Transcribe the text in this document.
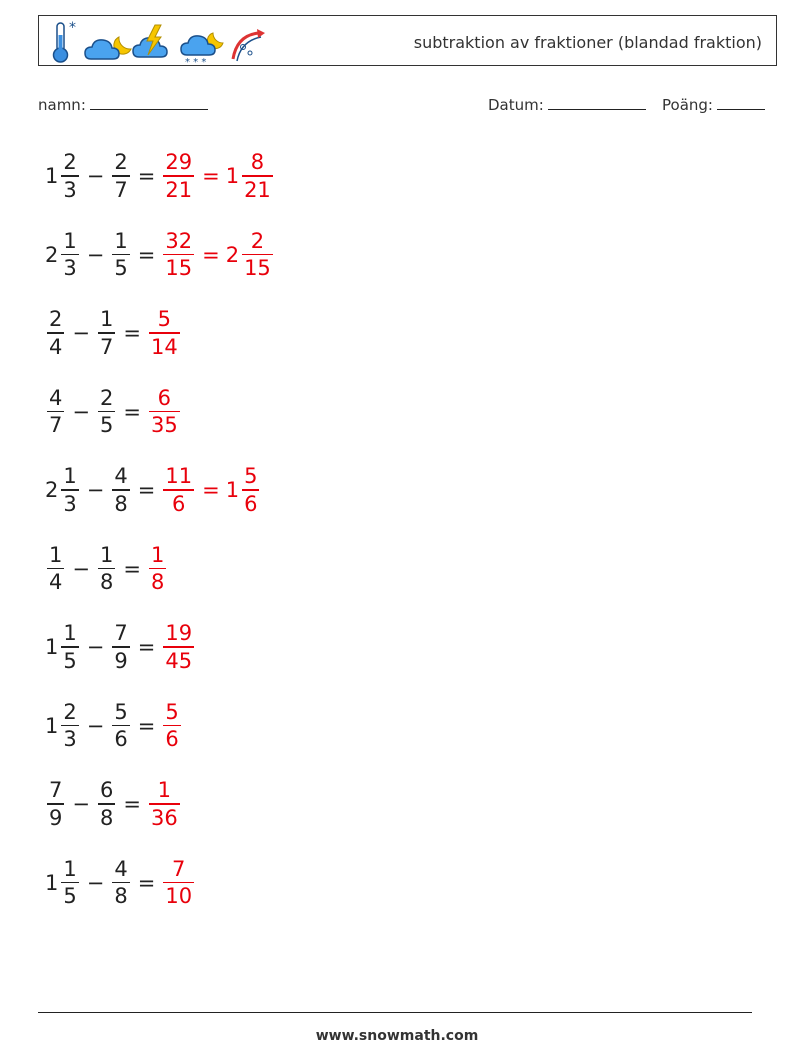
*
* * *
subtraktion av fraktioner (blandad fraktion)
namn:	Datum:	Poäng:
$1 \frac{2}{3} - \frac{2}{7} = \frac{29}{21} = 1 \frac{8}{21}$
$2 \frac{1}{3} - \frac{1}{5} = \frac{32}{15} = 2 \frac{2}{15}$
$\frac{2}{4} - \frac{1}{7} = \frac{5}{14}$
$\frac{4}{7} - \frac{2}{5} = \frac{6}{35}$
$2 \frac{1}{3} - \frac{4}{8} = \frac{11}{6} = 1 \frac{5}{6}$
$\frac{1}{4} - \frac{1}{8} = \frac{1}{8}$
$1 \frac{1}{5} - \frac{7}{9} = \frac{19}{45}$
$1 \frac{2}{3} - \frac{5}{6} = \frac{5}{6}$
$\frac{7}{9} - \frac{6}{8} = \frac{1}{36}$
$1 \frac{1}{5} - \frac{4}{8} = \frac{7}{10}$
www.snowmath.com
